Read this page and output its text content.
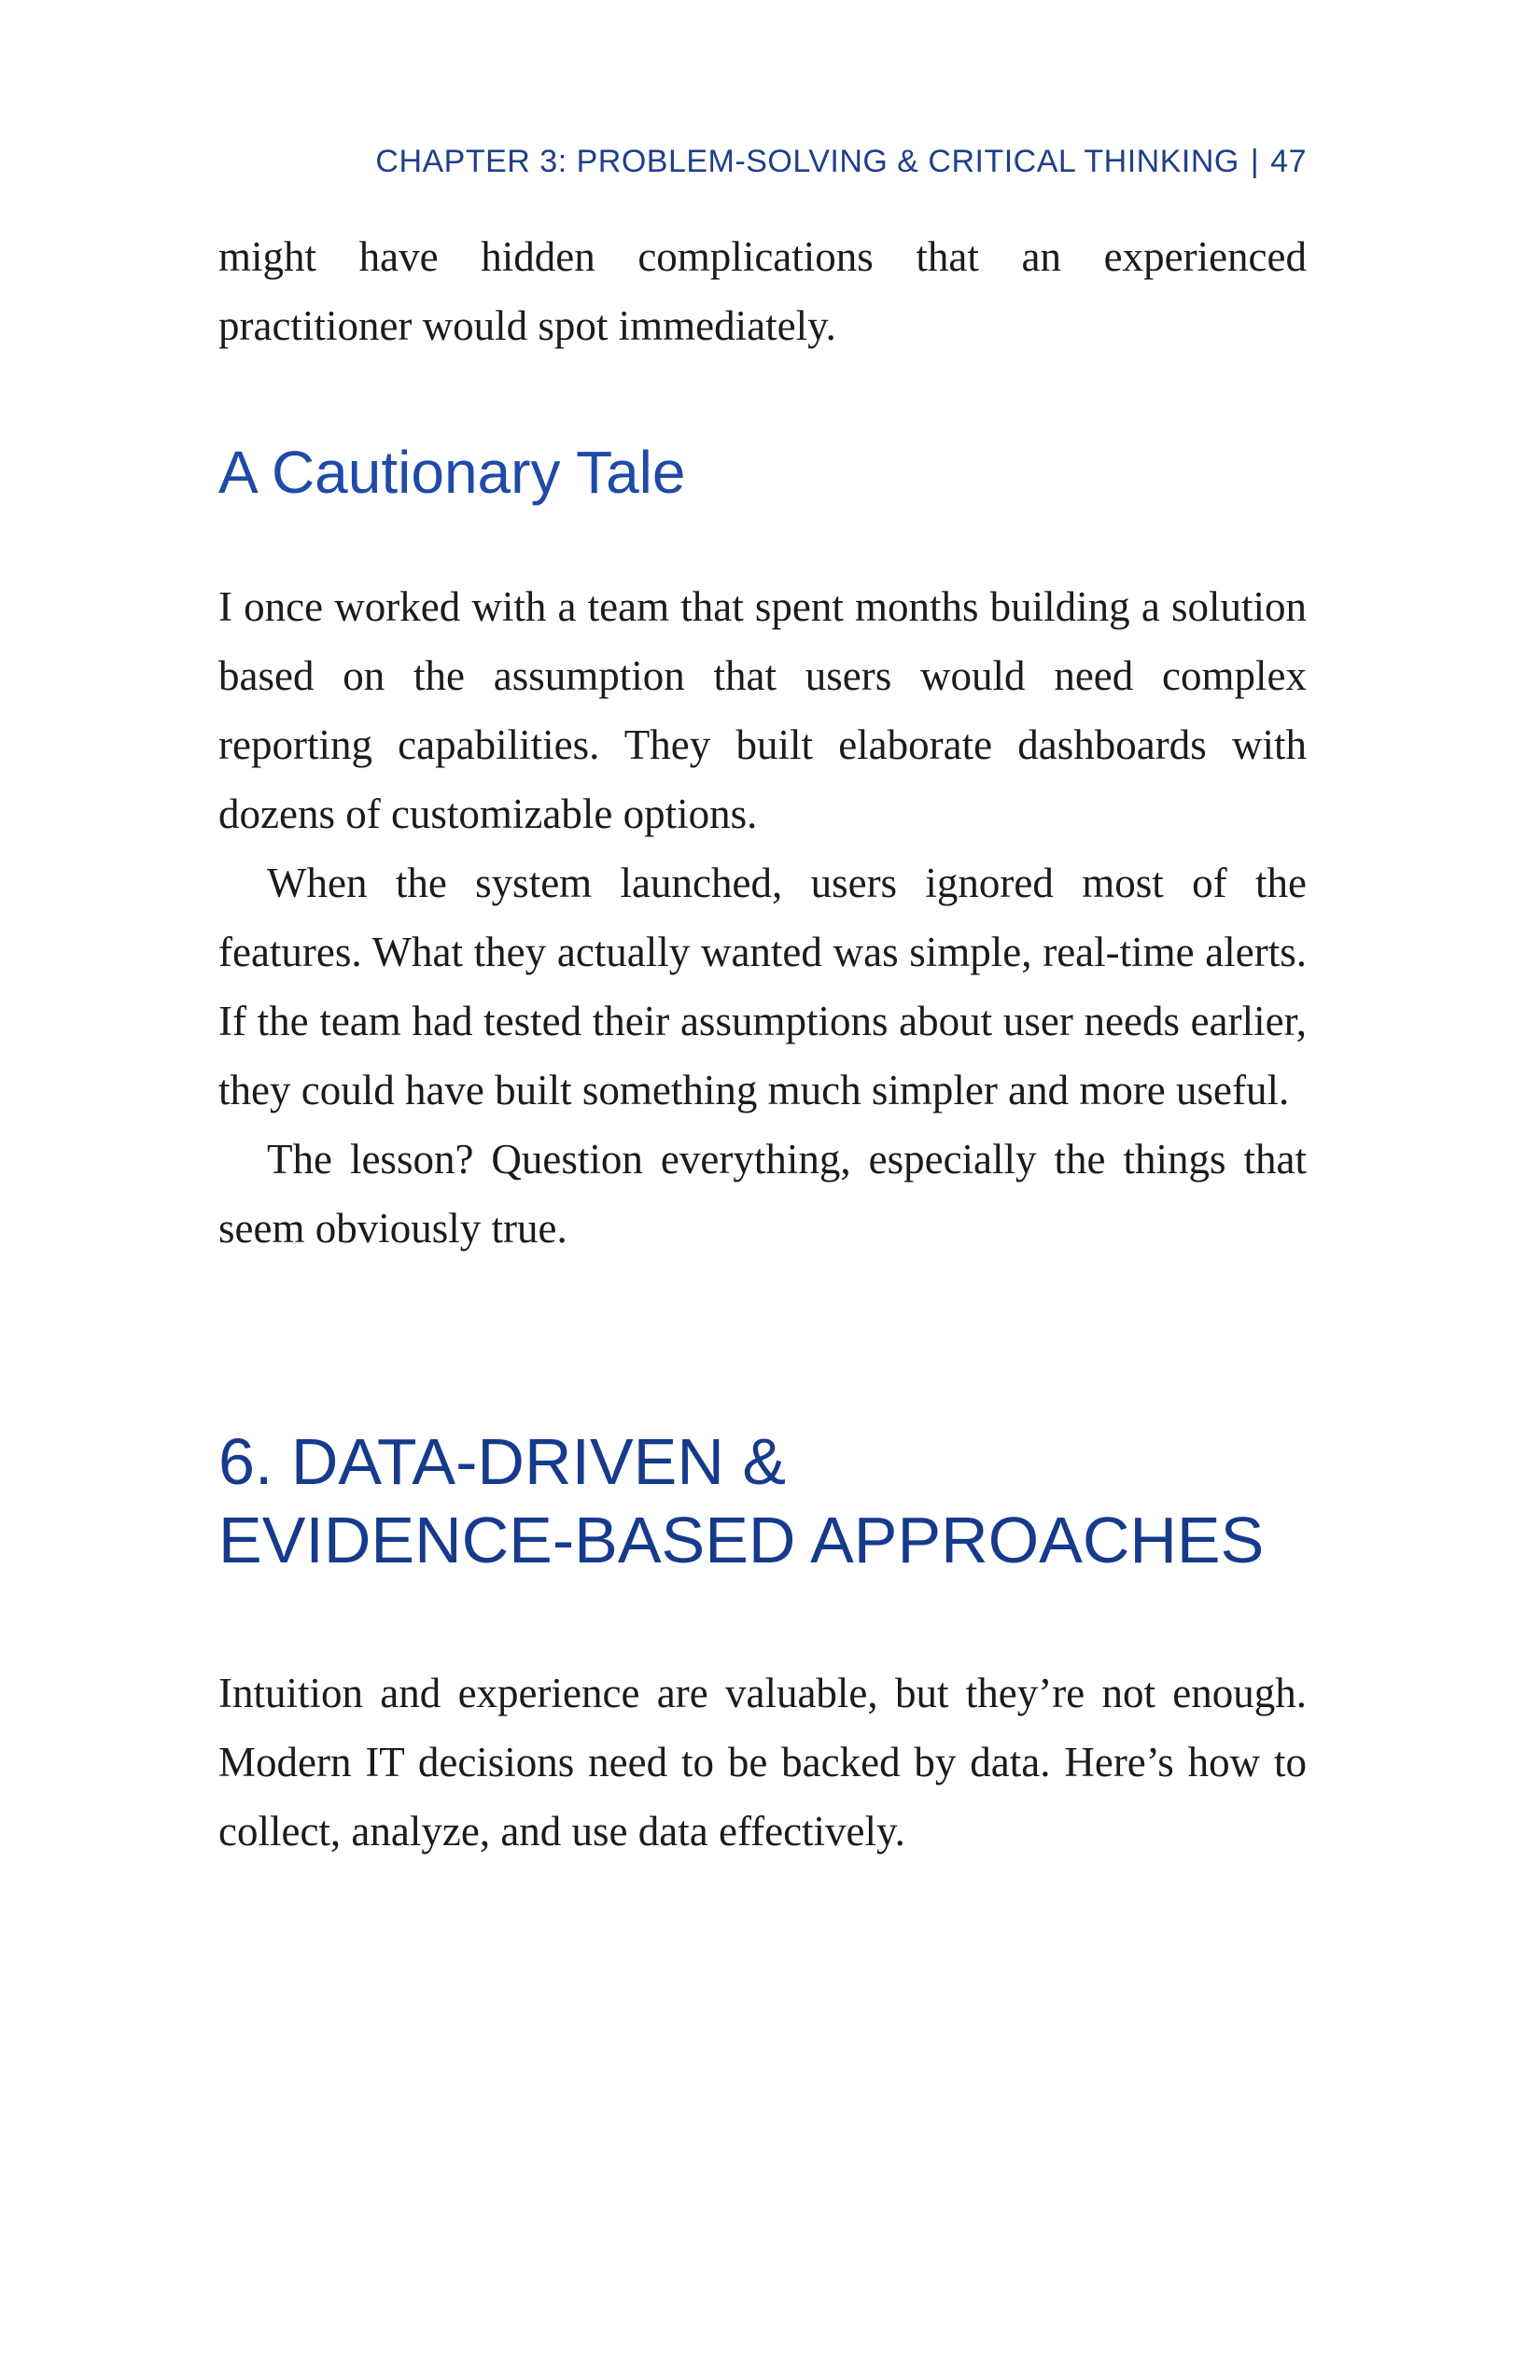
CHAPTER 3: PROBLEM-SOLVING & CRITICAL THINKING | 47

might have hidden complications that an experienced practitioner would spot immediately.

A Cautionary Tale

I once worked with a team that spent months building a solution based on the assumption that users would need complex reporting capabilities. They built elaborate dashboards with dozens of customizable options.

When the system launched, users ignored most of the features. What they actually wanted was simple, real-time alerts. If the team had tested their assumptions about user needs earlier, they could have built something much simpler and more useful.

The lesson? Question everything, especially the things that seem obviously true.

6. DATA-DRIVEN &
EVIDENCE-BASED APPROACHES

Intuition and experience are valuable, but they’re not enough. Modern IT decisions need to be backed by data. Here’s how to collect, analyze, and use data effectively.
